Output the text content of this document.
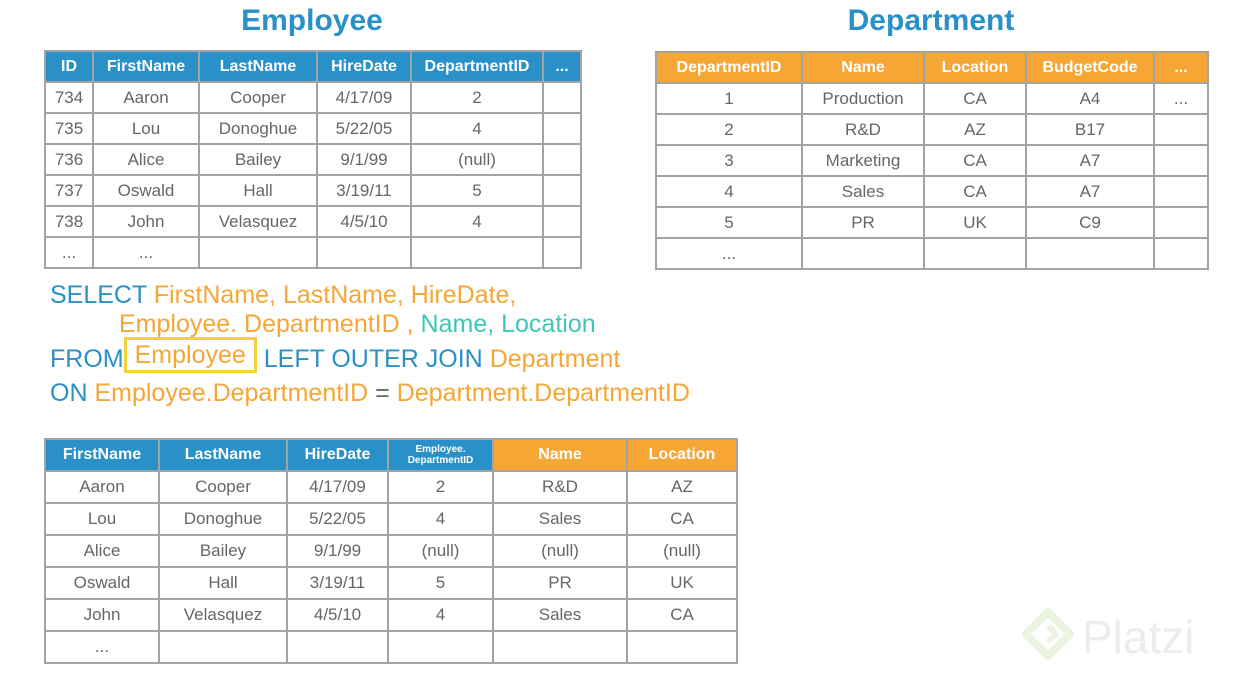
Employee	Department
ID	FirstName	LastName	HireDate	DepartmentID	...
734	Aaron	Cooper	4/17/09	2	
735	Lou	Donoghue	5/22/05	4	
736	Alice	Bailey	9/1/99	(null)	
737	Oswald	Hall	3/19/11	5	
738	John	Velasquez	4/5/10	4	
...	...				
DepartmentID	Name	Location	BudgetCode	...
1	Production	CA	A4	...
2	R&D	AZ	B17	
3	Marketing	CA	A7	
4	Sales	CA	A7	
5	PR	UK	C9	
...				

SELECT FirstName, LastName, HireDate,

Employee. DepartmentID , Name, Location

FROM Employee LEFT OUTER JOIN Department

ON Employee.DepartmentID = Department.DepartmentID

FirstName	LastName	HireDate	Employee. DepartmentID	Name	Location
Aaron	Cooper	4/17/09	2	R&D	AZ
Lou	Donoghue	5/22/05	4	Sales	CA
Alice	Bailey	9/1/99	(null)	(null)	(null)
Oswald	Hall	3/19/11	5	PR	UK
John	Velasquez	4/5/10	4	Sales	CA
...						Platzi
